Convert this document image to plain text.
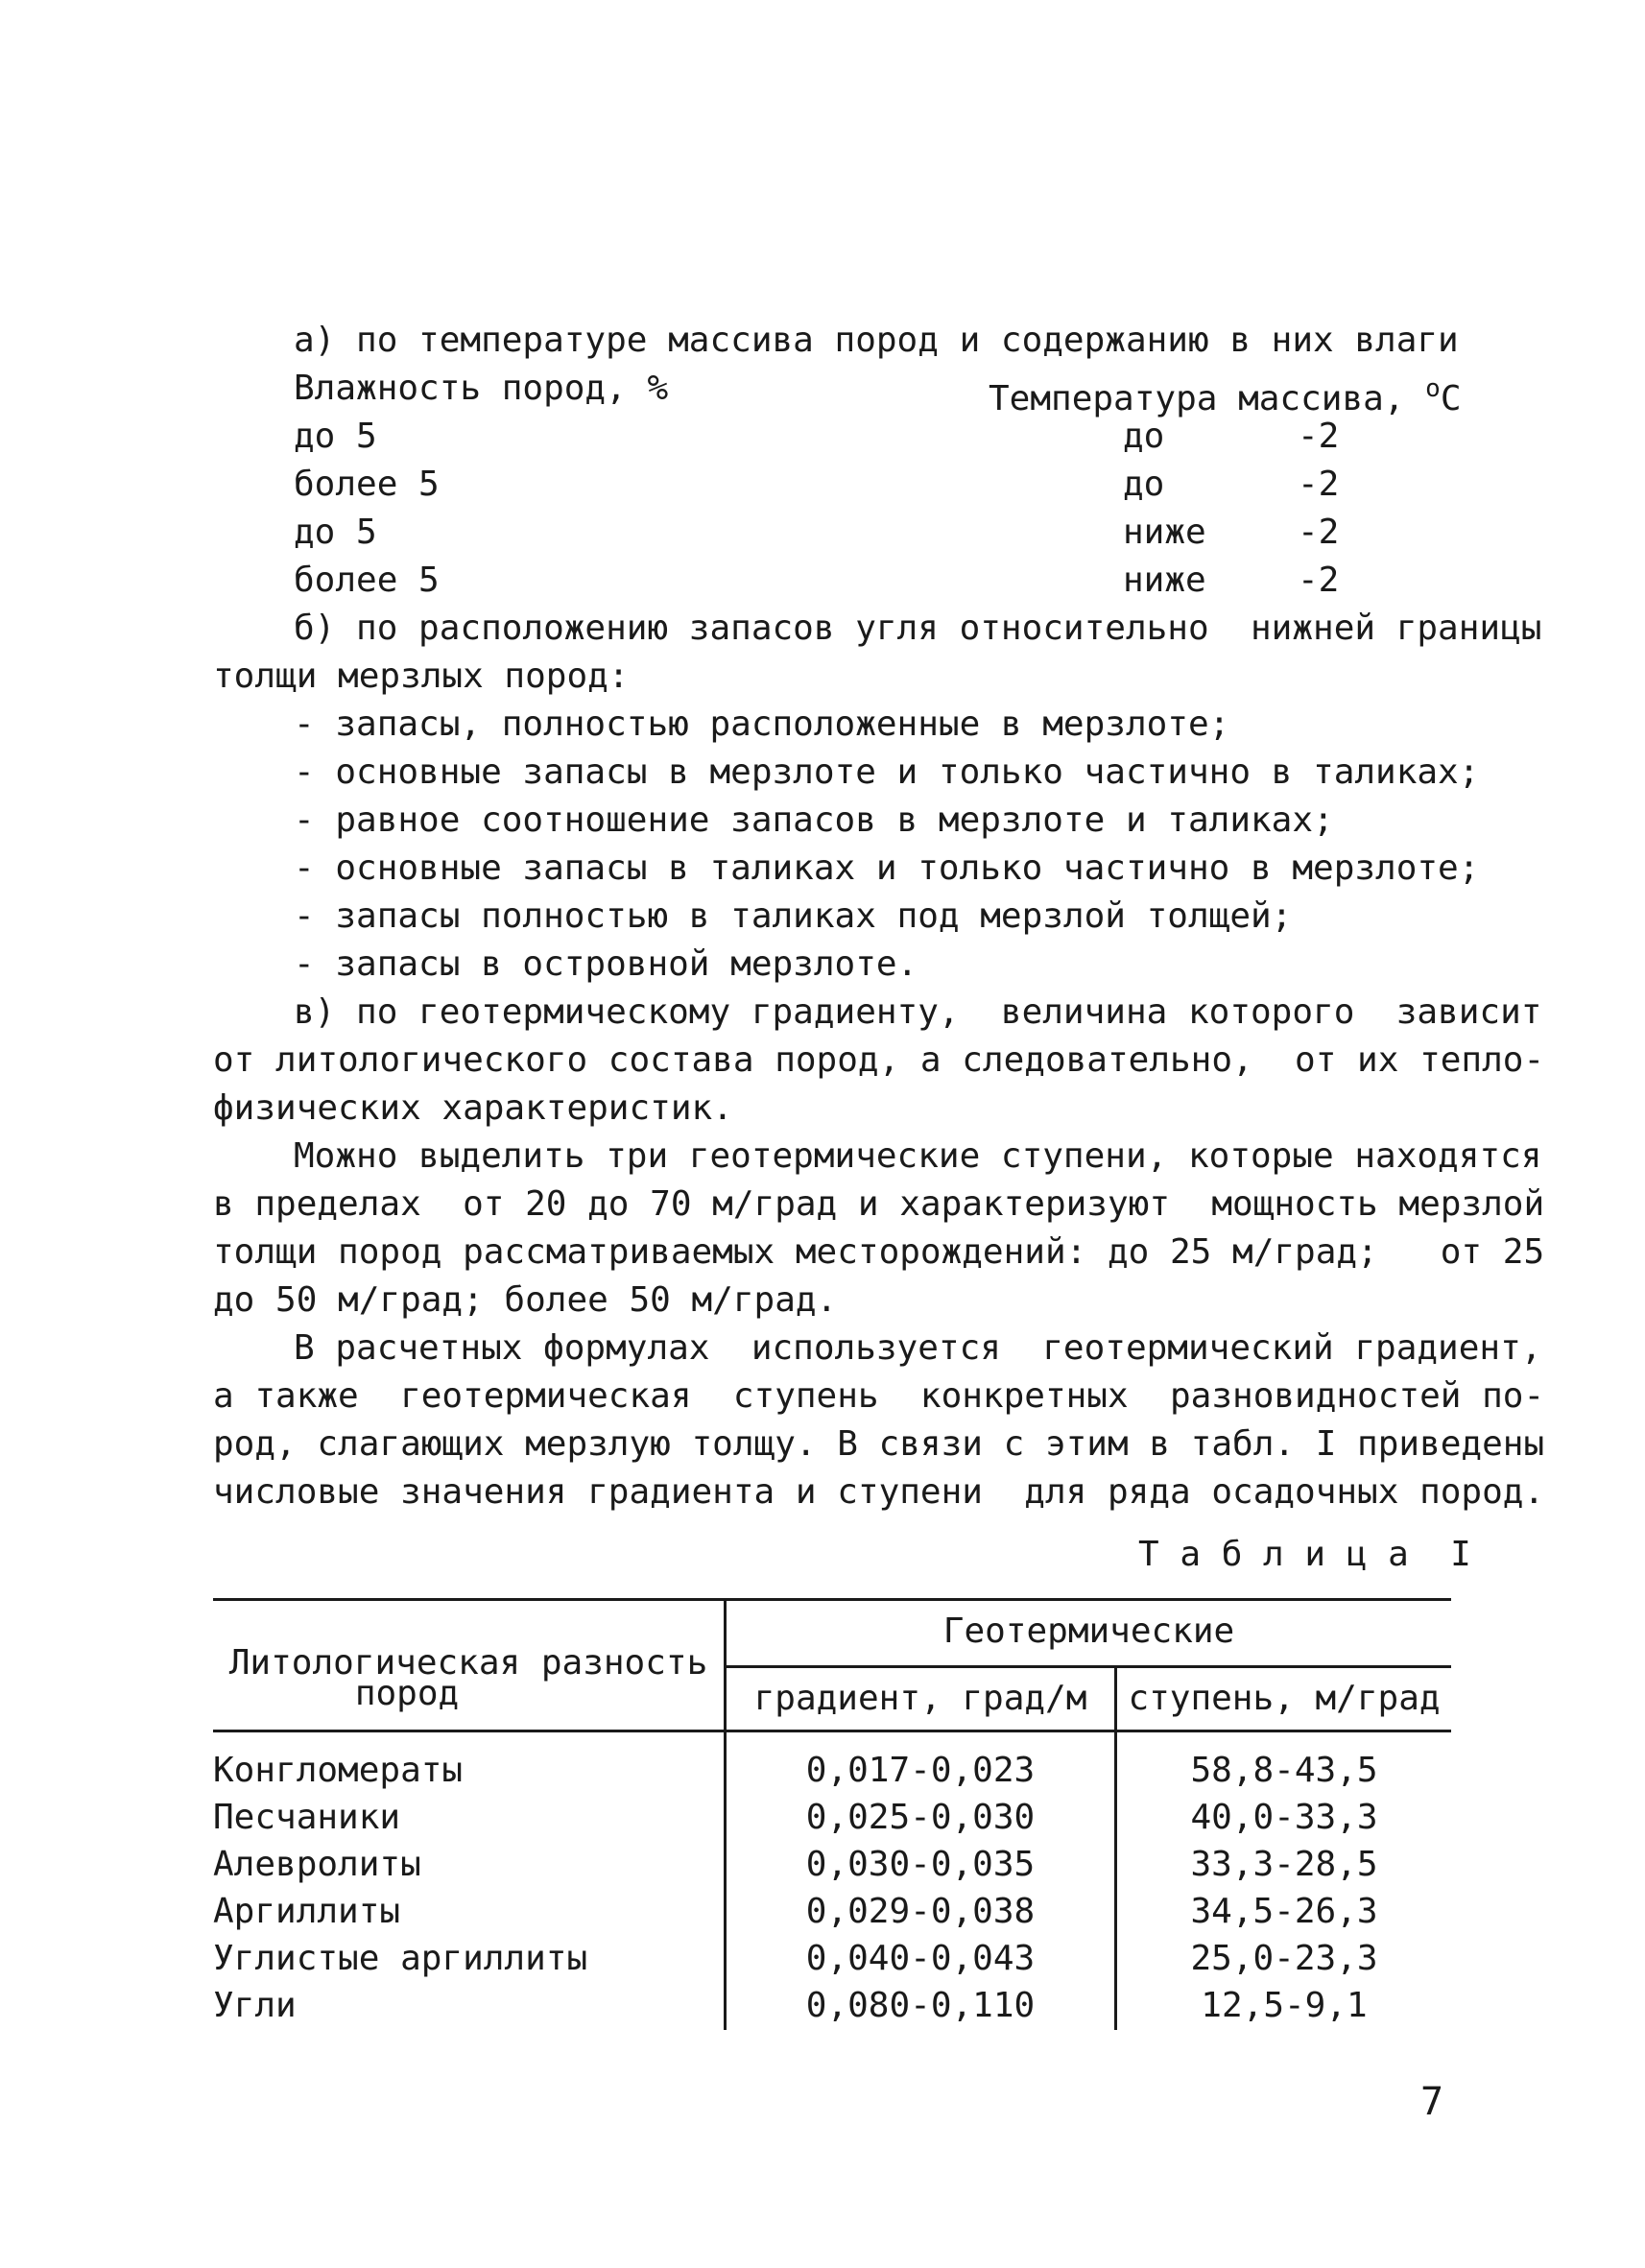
а) по температуре массива пород и содержанию в них влаги
Влажность пород, %	Температура массива, $^o$С
до 5	до	-2
более 5	до	-2
до 5	ниже	-2
более 5	ниже	-2
б) по расположению запасов угля относительно  нижней границы
толщи мерзлых пород:
- запасы, полностью расположенные в мерзлоте;
- основные запасы в мерзлоте и только частично в таликах;
- равное соотношение запасов в мерзлоте и таликах;
- основные запасы в таликах и только частично в мерзлоте;
- запасы полностью в таликах под мерзлой толщей;
- запасы в островной мерзлоте.
в) по геотермическому градиенту,  величина которого  зависит
от литологического состава пород, а следовательно,  от их тепло-
физических характеристик.
Можно выделить три геотермические ступени, которые находятся
в пределах  от 20 до 70 м/град и характеризуют  мощность мерзлой
толщи пород рассматриваемых месторождений: до 25 м/град;   от 25
до 50 м/град; более 50 м/град.
В расчетных формулах  используется  геотермический градиент,
а также  геотермическая  ступень  конкретных  разновидностей по-
род, слагающих мерзлую толщу. В связи с этим в табл. I приведены
числовые значения градиента и ступени  для ряда осадочных пород.
Т а б л и ц а  I
Литологическая разность
пород
Геотермические
градиент, град/м	ступень, м/град
Конгломераты	0,017-0,023	58,8-43,5
Песчаники	0,025-0,030	40,0-33,3
Алевролиты	0,030-0,035	33,3-28,5
Аргиллиты	0,029-0,038	34,5-26,3
Углистые аргиллиты	0,040-0,043	25,0-23,3
Угли	0,080-0,110	12,5-9,1
7
